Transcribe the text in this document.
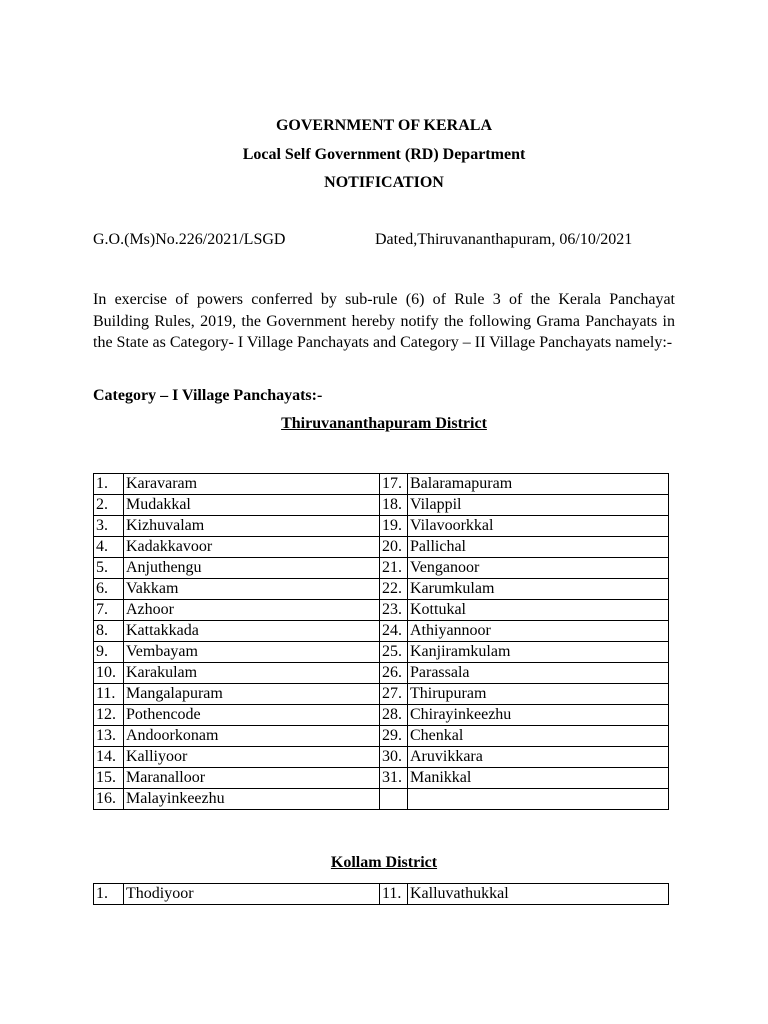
GOVERNMENT OF KERALA
Local Self Government (RD) Department
NOTIFICATION
G.O.(Ms)No.226/2021/LSGD	Dated,Thiruvananthapuram, 06/10/2021
In exercise of powers conferred by sub-rule (6) of Rule 3 of the Kerala Panchayat Building Rules, 2019, the Government hereby notify the following Grama Panchayats in the State as Category- I Village Panchayats and Category – II Village Panchayats namely:-
Category – I Village Panchayats:-
Thiruvananthapuram District
1.	Karavaram	17.	Balaramapuram
2.	Mudakkal	18.	Vilappil
3.	Kizhuvalam	19.	Vilavoorkkal
4.	Kadakkavoor	20.	Pallichal
5.	Anjuthengu	21.	Venganoor
6.	Vakkam	22.	Karumkulam
7.	Azhoor	23.	Kottukal
8.	Kattakkada	24.	Athiyannoor
9.	Vembayam	25.	Kanjiramkulam
10.	Karakulam	26.	Parassala
11.	Mangalapuram	27.	Thirupuram
12.	Pothencode	28.	Chirayinkeezhu
13.	Andoorkonam	29.	Chenkal
14.	Kalliyoor	30.	Aruvikkara
15.	Maranalloor	31.	Manikkal
16.	Malayinkeezhu		
Kollam District
1.	Thodiyoor	11.	Kalluvathukkal
